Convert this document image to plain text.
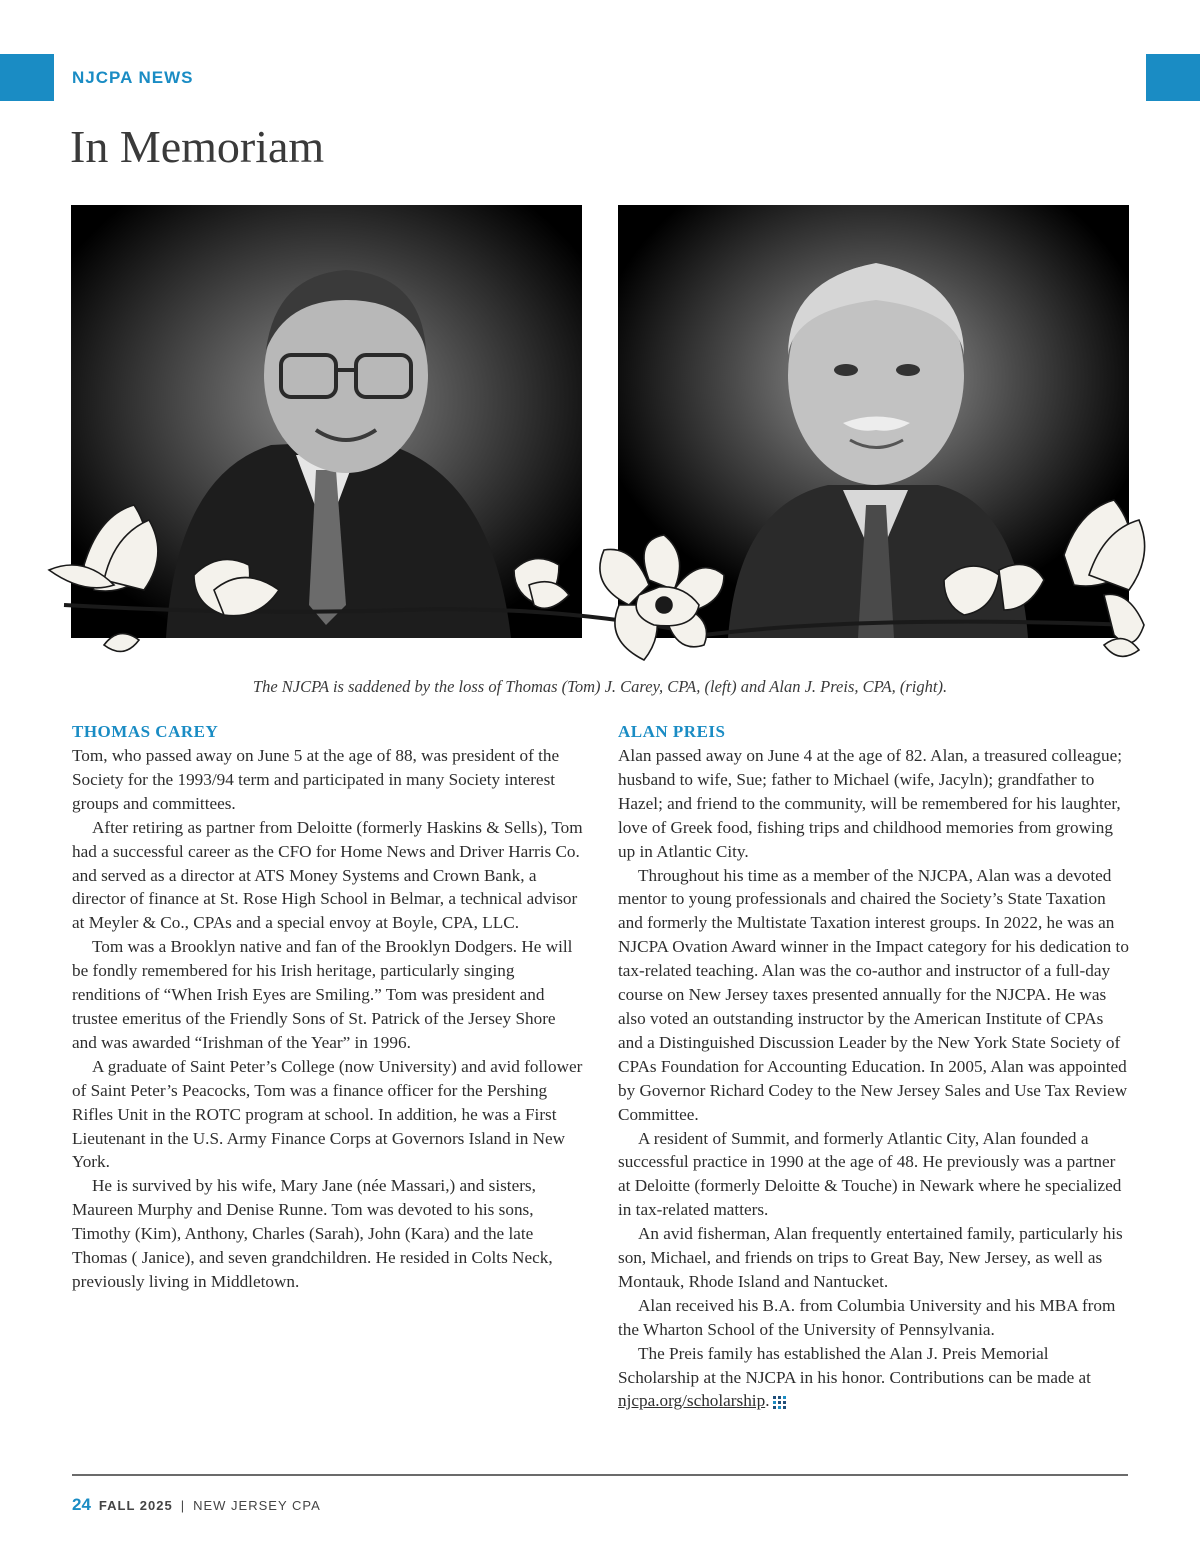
NJCPA NEWS
In Memoriam
The NJCPA is saddened by the loss of Thomas (Tom) J. Carey, CPA, (left) and Alan J. Preis, CPA, (right).
THOMAS CAREY

Tom, who passed away on June 5 at the age of 88, was president of the Society for the 1993/94 term and participated in many Society interest groups and committees.

After retiring as partner from Deloitte (formerly Haskins & Sells), Tom had a successful career as the CFO for Home News and Driver Harris Co. and served as a director at ATS Money Systems and Crown Bank, a director of finance at St. Rose High School in Belmar, a technical advisor at Meyler & Co., CPAs and a special envoy at Boyle, CPA, LLC.

Tom was a Brooklyn native and fan of the Brooklyn Dodgers. He will be fondly remembered for his Irish heritage, particularly singing renditions of “When Irish Eyes are Smiling.” Tom was president and trustee emeritus of the Friendly Sons of St. Patrick of the Jersey Shore and was awarded “Irishman of the Year” in 1996.

A graduate of Saint Peter’s College (now University) and avid follower of Saint Peter’s Peacocks, Tom was a finance officer for the Pershing Rifles Unit in the ROTC program at school. In addition, he was a First Lieutenant in the U.S. Army Finance Corps at Governors Island in New York.

He is survived by his wife, Mary Jane (née Massari,) and sisters, Maureen Murphy and Denise Runne. Tom was devoted to his sons, Timothy (Kim), Anthony, Charles (Sarah), John (Kara) and the late Thomas ( Janice), and seven grandchildren. He resided in Colts Neck, previously living in Middletown.

ALAN PREIS

Alan passed away on June 4 at the age of 82. Alan, a treasured colleague; husband to wife, Sue; father to Michael (wife, Jacyln); grandfather to Hazel; and friend to the community, will be remembered for his laughter, love of Greek food, fishing trips and childhood memories from growing up in Atlantic City.

Throughout his time as a member of the NJCPA, Alan was a devoted mentor to young professionals and chaired the Society’s State Taxation and formerly the Multistate Taxation interest groups. In 2022, he was an NJCPA Ovation Award winner in the Impact category for his dedication to tax-related teaching. Alan was the co-author and instructor of a full-day course on New Jersey taxes presented annually for the NJCPA. He was also voted an outstanding instructor by the American Institute of CPAs and a Distinguished Discussion Leader by the New York State Society of CPAs Foundation for Accounting Education. In 2005, Alan was appointed by Governor Richard Codey to the New Jersey Sales and Use Tax Review Committee.

A resident of Summit, and formerly Atlantic City, Alan founded a successful practice in 1990 at the age of 48. He previously was a partner at Deloitte (formerly Deloitte & Touche) in Newark where he specialized in tax-related matters.

An avid fisherman, Alan frequently entertained family, particularly his son, Michael, and friends on trips to Great Bay, New Jersey, as well as Montauk, Rhode Island and Nantucket.

Alan received his B.A. from Columbia University and his MBA from the Wharton School of the University of Pennsylvania.

The Preis family has established the Alan J. Preis Memorial Scholarship at the NJCPA in his honor. Contributions can be made at njcpa.org/scholarship.

24 FALL 2025 | NEW JERSEY CPA
